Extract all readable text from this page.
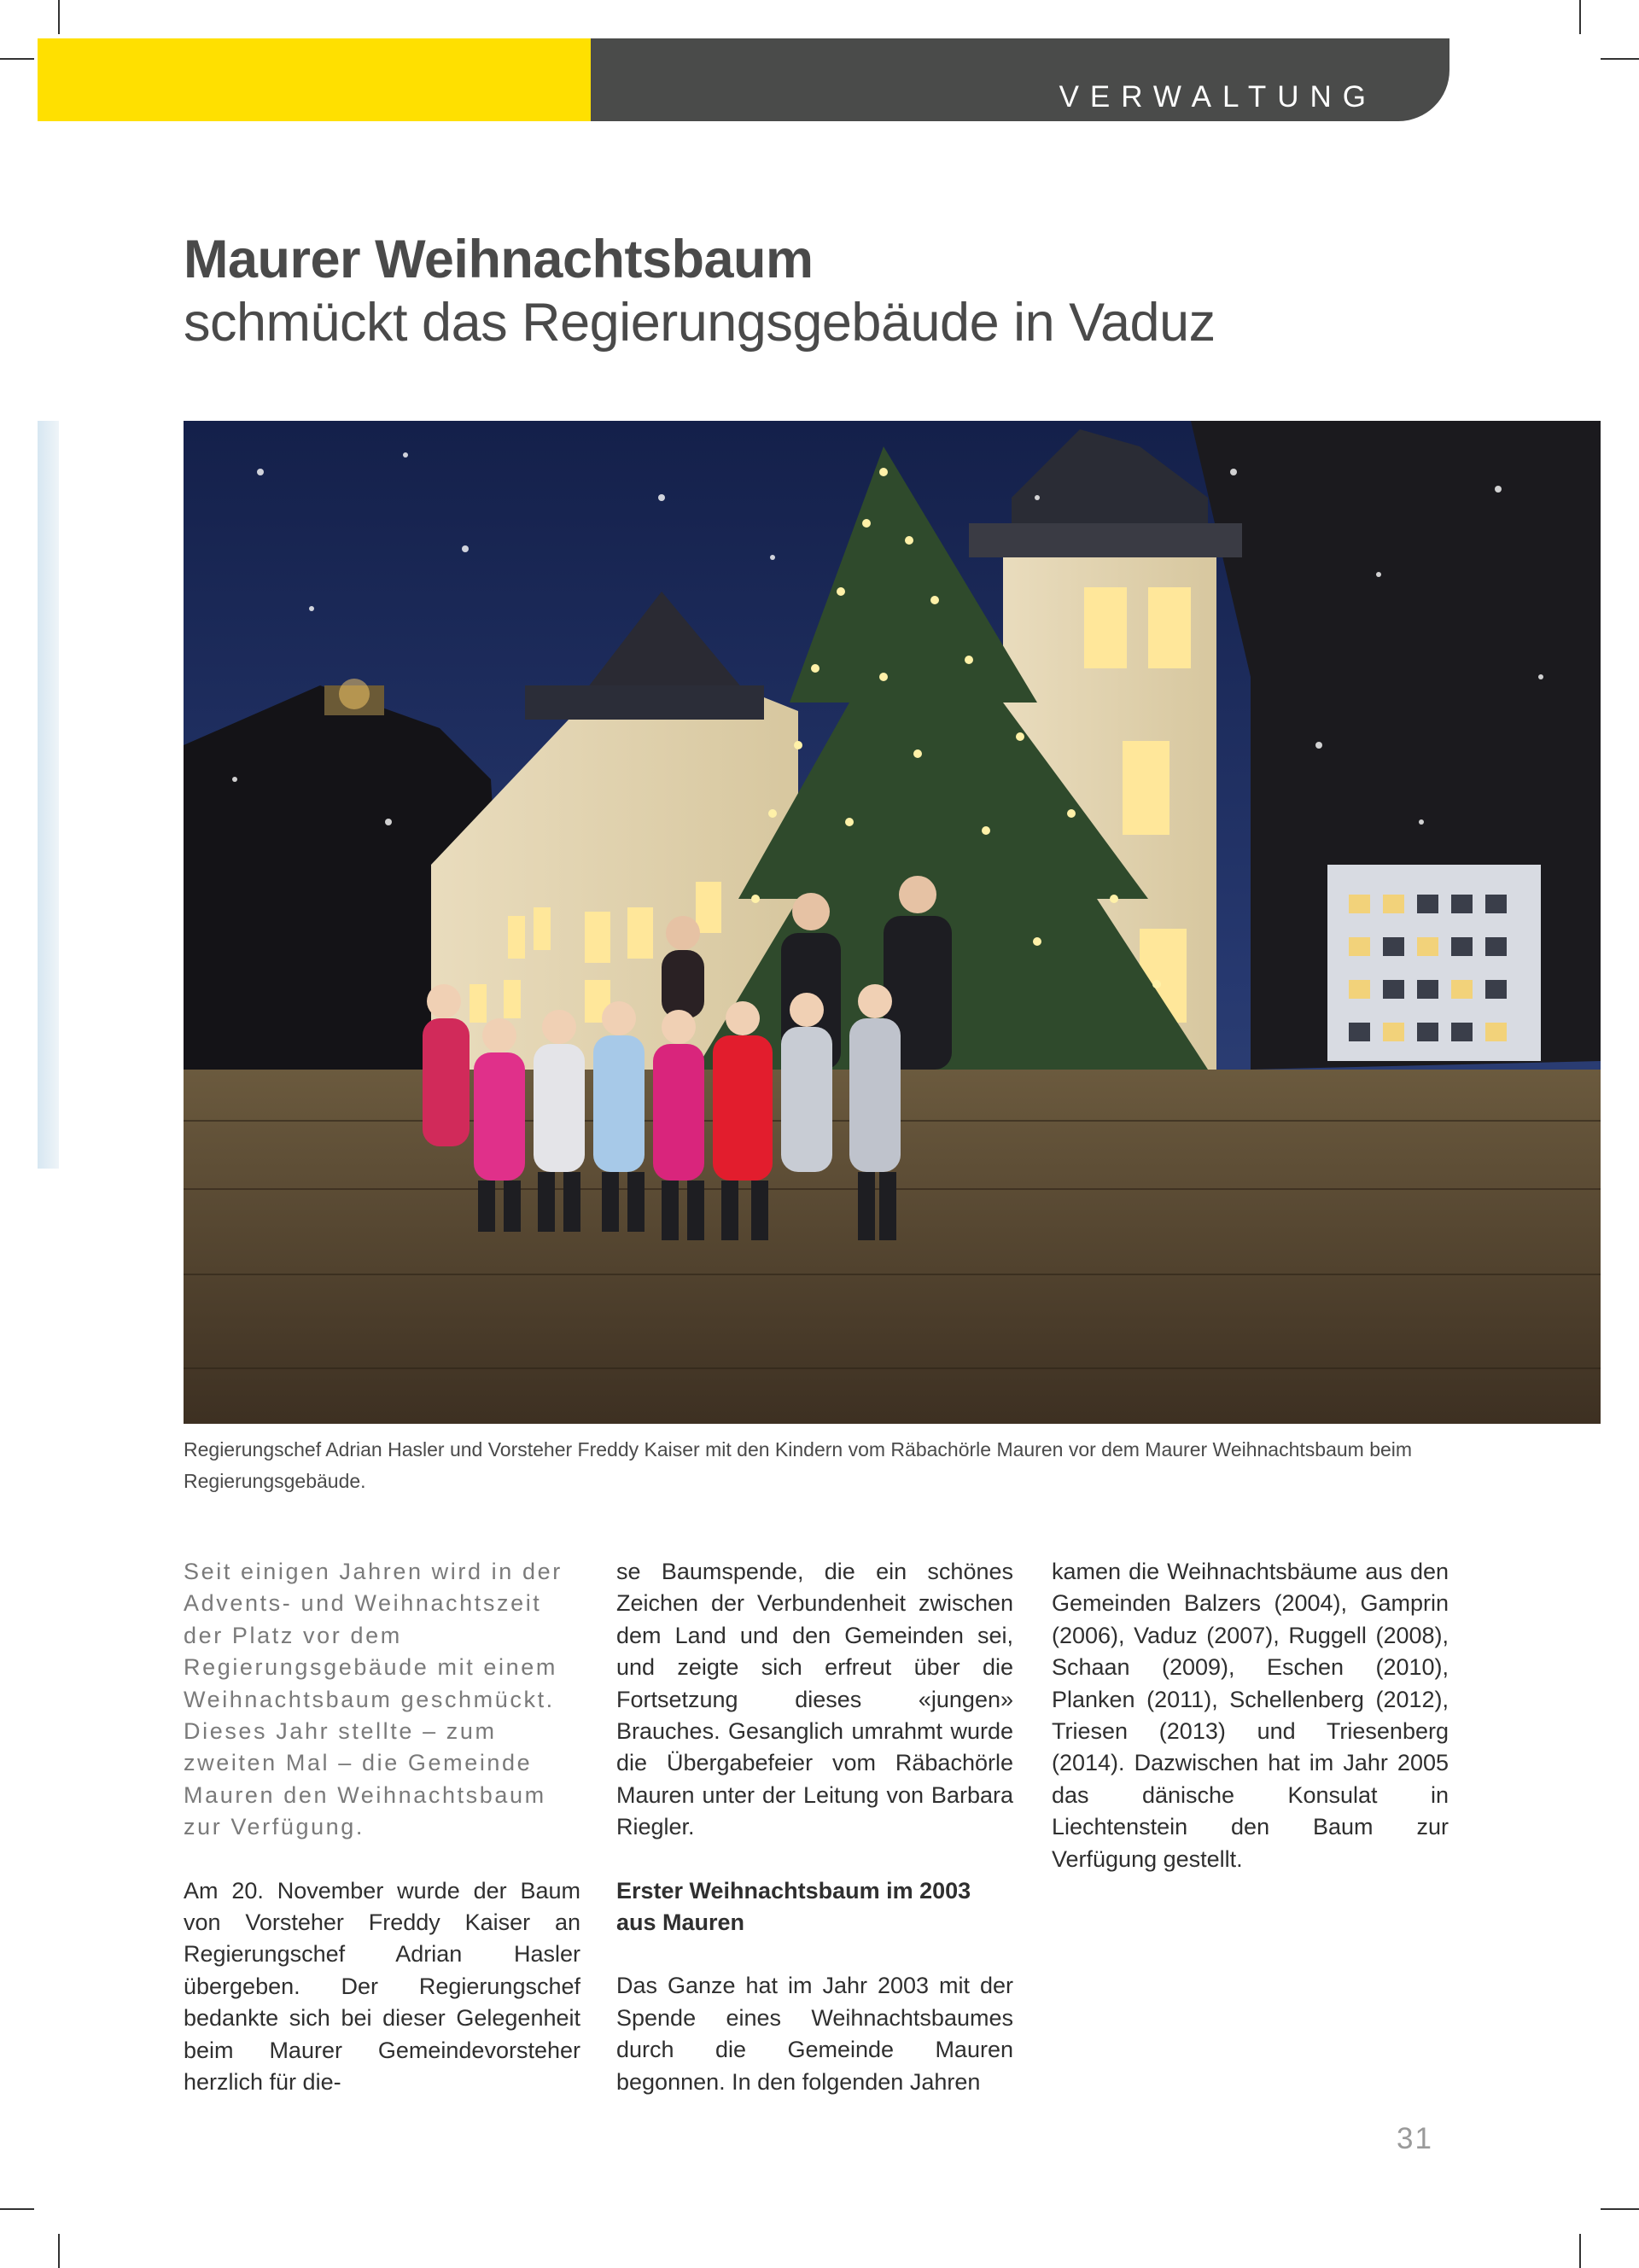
VERWALTUNG
Maurer Weihnachtsbaum
schmückt das Regierungsgebäude in Vaduz
Regierungschef Adrian Hasler und Vorsteher Freddy Kaiser mit den Kindern vom Räbachörle Mauren vor dem Maurer Weihnachtsbaum beim Regierungsgebäude.

Seit einigen Jahren wird in der Advents- und Weihnachtszeit der Platz vor dem Regierungsgebäude mit einem Weihnachtsbaum geschmückt. Dieses Jahr stellte – zum zweiten Mal – die Gemeinde Mauren den Weihnachtsbaum zur Verfügung.

Am 20. November wurde der Baum von Vorsteher Freddy Kaiser an Regierungschef Adrian Hasler übergeben. Der Regierungschef bedankte sich bei dieser Gelegenheit beim Maurer Gemeindevorsteher herzlich für die-

se Baumspende, die ein schönes Zeichen der Verbundenheit zwischen dem Land und den Gemeinden sei, und zeigte sich erfreut über die Fortsetzung dieses «jungen» Brauches. Gesanglich umrahmt wurde die Übergabefeier vom Räbachörle Mauren unter der Leitung von Barbara Riegler.

Erster Weihnachtsbaum im 2003 aus Mauren

Das Ganze hat im Jahr 2003 mit der Spende eines Weihnachtsbaumes durch die Gemeinde Mauren begonnen. In den folgenden Jahren

kamen die Weihnachtsbäume aus den Gemeinden Balzers (2004), Gamprin (2006), Vaduz (2007), Ruggell (2008), Schaan (2009), Eschen (2010), Planken (2011), Schellenberg (2012), Triesen (2013) und Triesenberg (2014). Dazwischen hat im Jahr 2005 das dänische Konsulat in Liechtenstein den Baum zur Verfügung gestellt.

31
